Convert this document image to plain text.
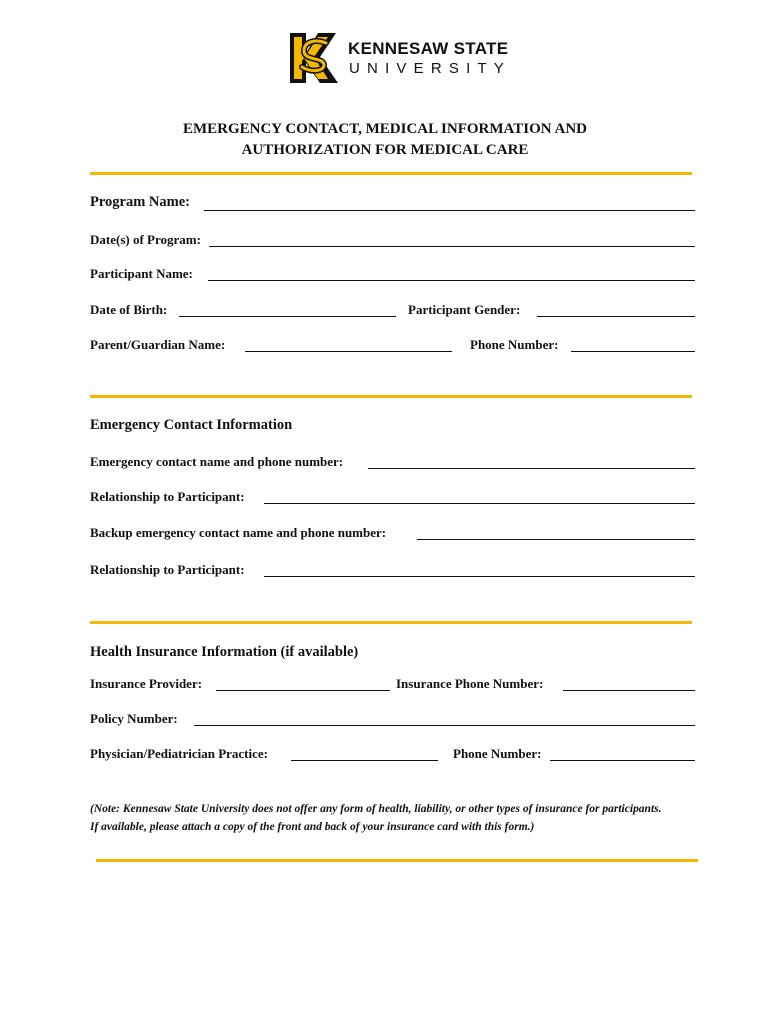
KENNESAW STATE
UNIVERSITY
EMERGENCY CONTACT, MEDICAL INFORMATION AND
AUTHORIZATION FOR MEDICAL CARE
Program Name:
Date(s) of Program:
Participant Name:
Date of Birth:	Participant Gender:
Parent/Guardian Name:	Phone Number:
Emergency Contact Information
Emergency contact name and phone number:
Relationship to Participant:
Backup emergency contact name and phone number:
Relationship to Participant:
Health Insurance Information (if available)
Insurance Provider:	Insurance Phone Number:
Policy Number:
Physician/Pediatrician Practice:	Phone Number:
(Note: Kennesaw State University does not offer any form of health, liability, or other types of insurance for participants.
If available, please attach a copy of the front and back of your insurance card with this form.)
